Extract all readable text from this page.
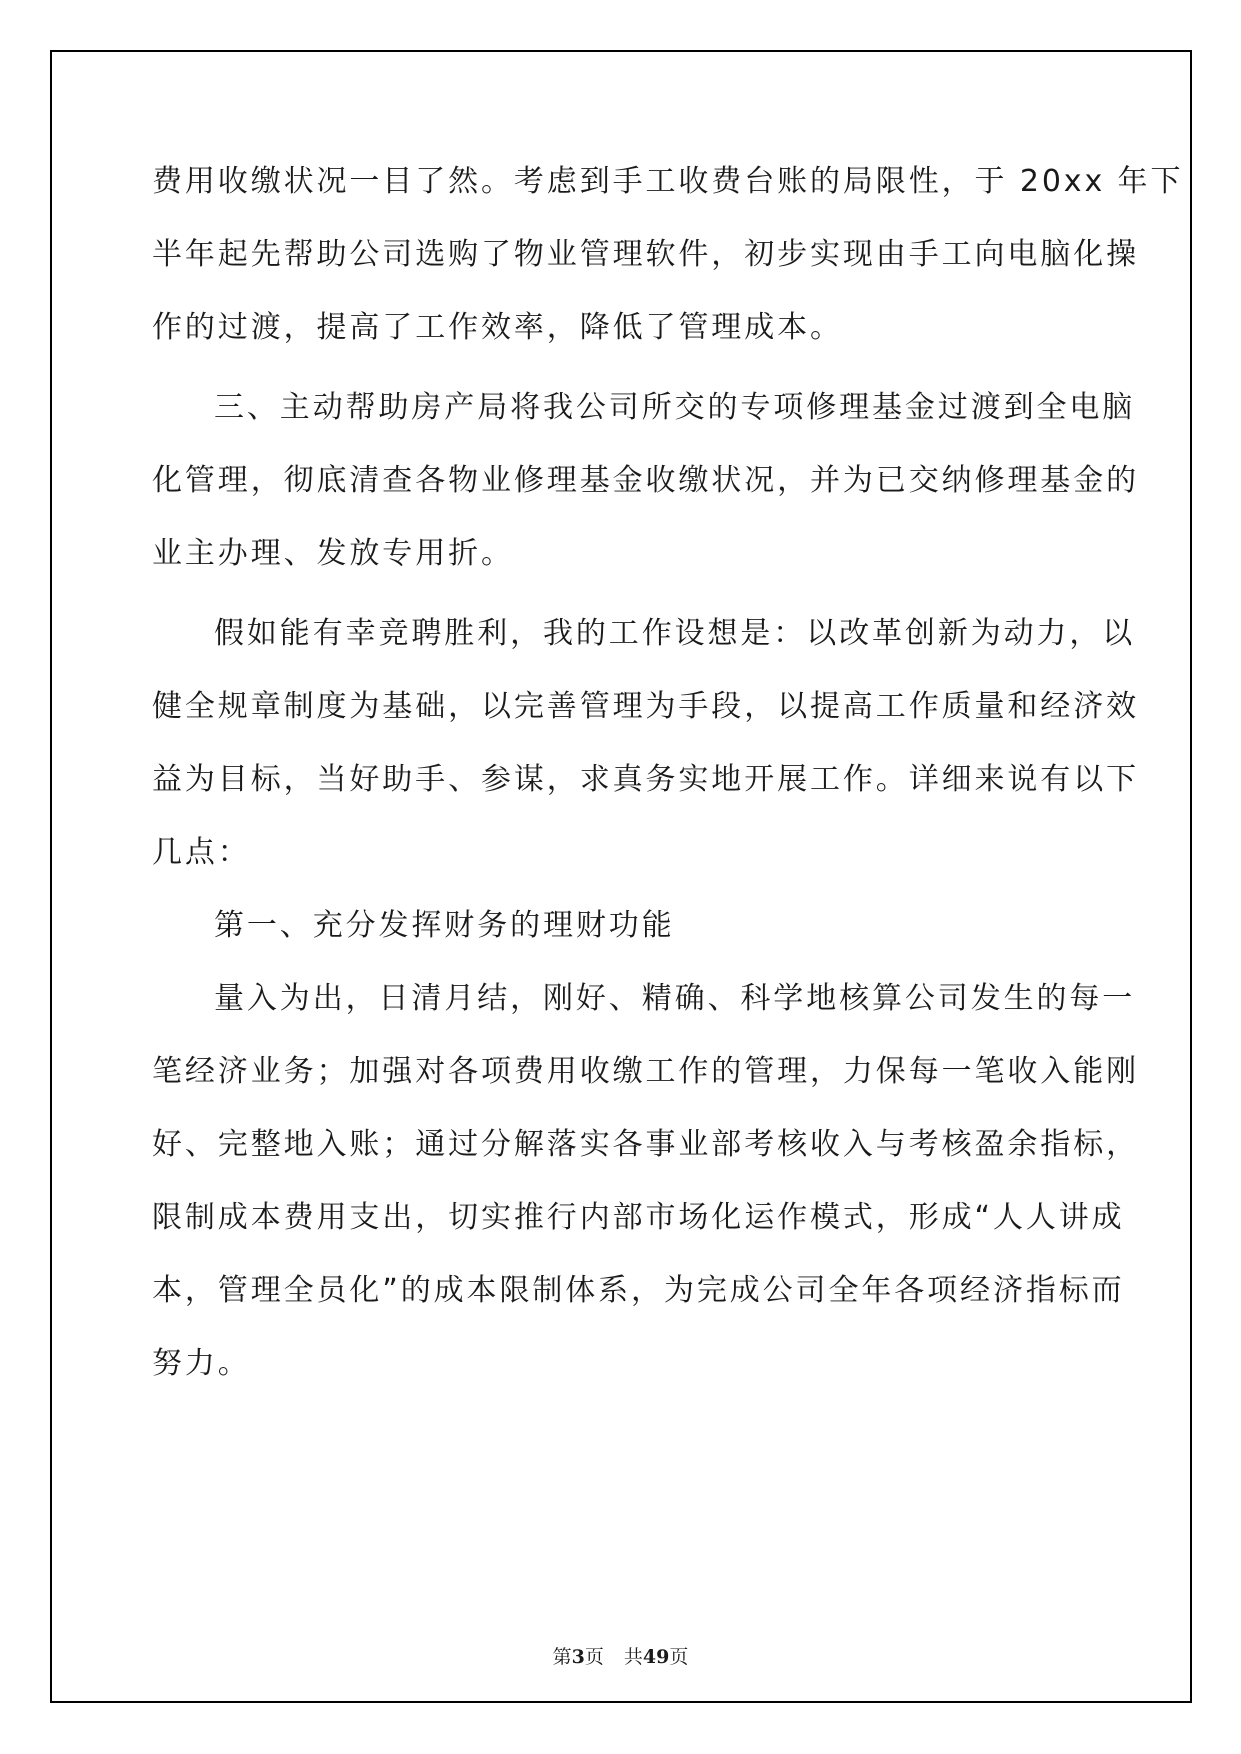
费用收缴状况一目了然。考虑到手工收费台账的局限性，于 20xx 年下
半年起先帮助公司选购了物业管理软件，初步实现由手工向电脑化操
作的过渡，提高了工作效率，降低了管理成本。
三、主动帮助房产局将我公司所交的专项修理基金过渡到全电脑
化管理，彻底清查各物业修理基金收缴状况，并为已交纳修理基金的
业主办理、发放专用折。
假如能有幸竞聘胜利，我的工作设想是：以改革创新为动力，以
健全规章制度为基础，以完善管理为手段，以提高工作质量和经济效
益为目标，当好助手、参谋，求真务实地开展工作。详细来说有以下
几点：
第一、充分发挥财务的理财功能
量入为出，日清月结，刚好、精确、科学地核算公司发生的每一
笔经济业务；加强对各项费用收缴工作的管理，力保每一笔收入能刚
好、完整地入账；通过分解落实各事业部考核收入与考核盈余指标，
限制成本费用支出，切实推行内部市场化运作模式，形成“人人讲成
本，管理全员化”的成本限制体系，为完成公司全年各项经济指标而
努力。
第3页 共49页
